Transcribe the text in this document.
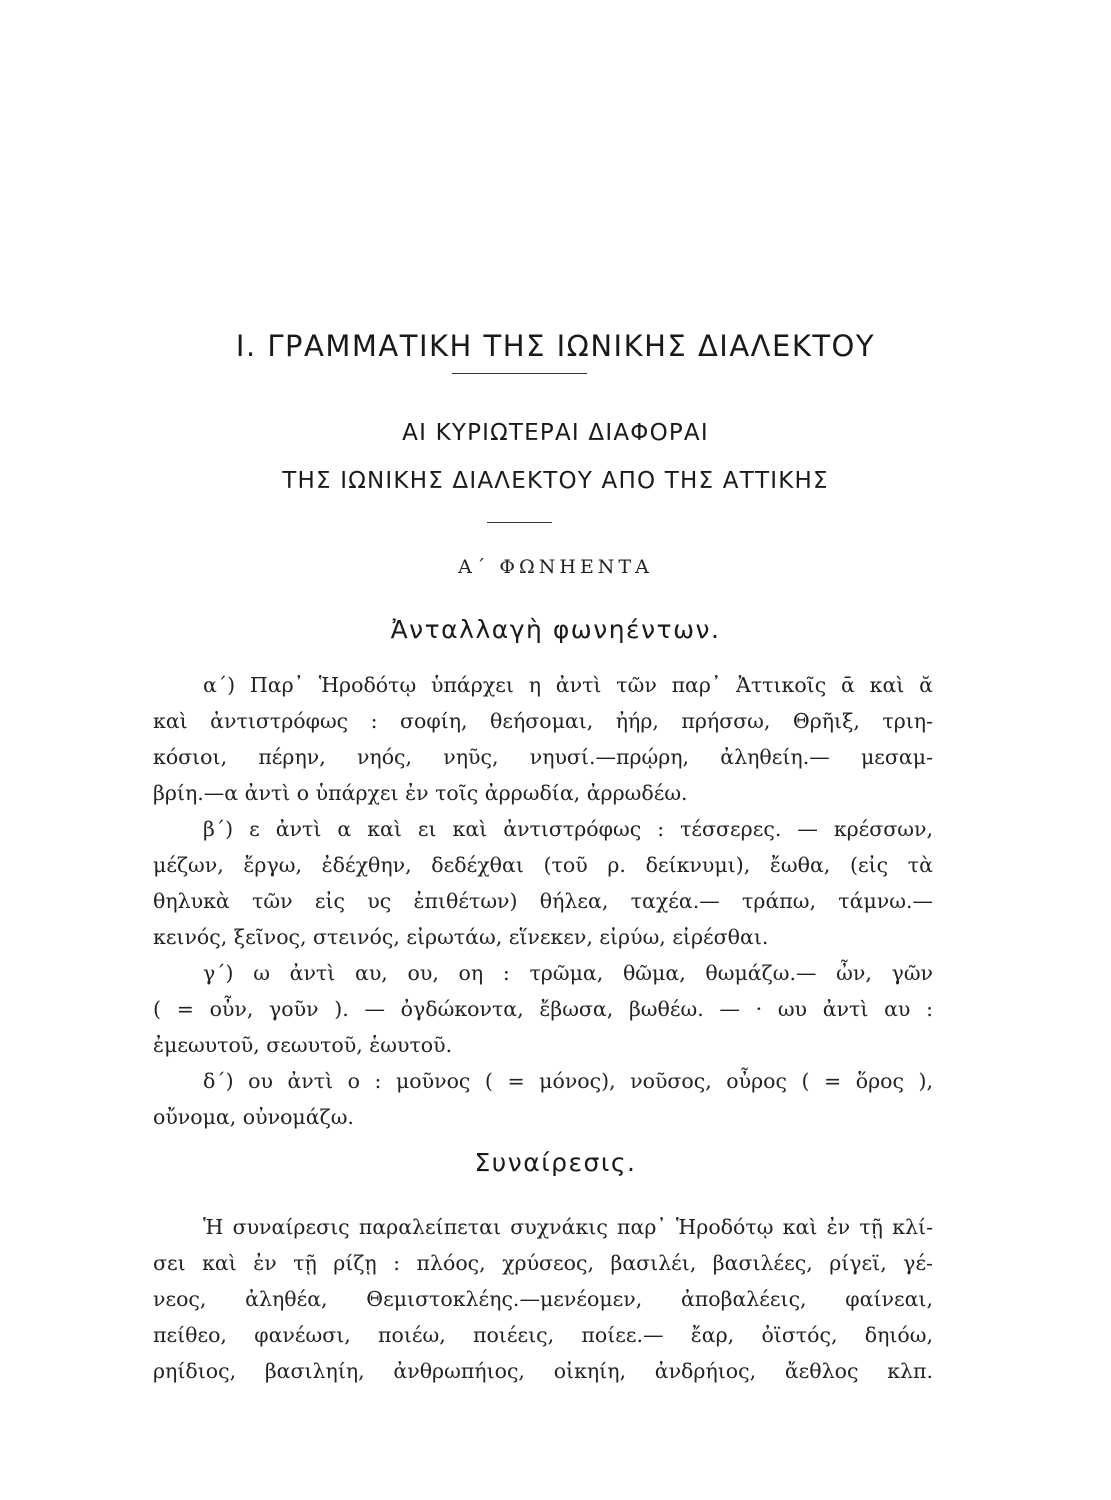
I. ΓΡΑΜΜΑΤΙΚΗ ΤΗΣ ΙΩΝΙΚΗΣ ΔΙΑΛΕΚΤΟΥ
ΑΙ ΚΥΡΙΩΤΕΡΑΙ ΔΙΑΦΟΡΑΙ
ΤΗΣ ΙΩΝΙΚΗΣ ΔΙΑΛΕΚΤΟΥ ΑΠΟ ΤΗΣ ΑΤΤΙΚΗΣ
Α΄ ΦΩΝΗΕΝΤΑ
Ἀνταλλαγὴ φωνηέντων.
α΄) Παρ᾽ Ἡροδότῳ ὑπάρχει η ἀντὶ τῶν παρ᾽ Ἀττικοῖς ᾱ καὶ ᾰ
καὶ ἀντιστρόφως : σοφίη, θεήσομαι, ἠήρ, πρήσσω, Θρῆιξ, τριη-
κόσιοι, πέρην, νηός, νηῦς, νηυσί.—πρῴρη, ἀληθείη.— μεσαμ-
βρίη.—α ἀντὶ ο ὑπάρχει ἐν τοῖς ἀρρωδία, ἀρρωδέω.
β΄) ε ἀντὶ α καὶ ει καὶ ἀντιστρόφως : τέσσερες. — κρέσσων,
μέζων, ἔργω, ἐδέχθην, δεδέχθαι (τοῦ ρ. δείκνυμι), ἔωθα, (εἰς τὰ
θηλυκὰ τῶν εἰς υς ἐπιθέτων) θήλεα, ταχέα.— τράπω, τάμνω.—
κεινός, ξεῖνος, στεινός, εἰρωτάω, εἵνεκεν, εἰρύω, εἰρέσθαι.
γ΄) ω ἀντὶ αυ, ου, οη : τρῶμα, θῶμα, θωμάζω.— ὦν, γῶν
( = οὖν, γοῦν ). — ὀγδώκοντα, ἔβωσα, βωθέω. — · ωυ ἀντὶ αυ :
ἐμεωυτοῦ, σεωυτοῦ, ἑωυτοῦ.
δ΄) ου ἀντὶ ο : μοῦνος ( = μόνος), νοῦσος, οὖρος ( = ὅρος ),
οὔνομα, οὐνομάζω.
Συναίρεσις.
Ἡ συναίρεσις παραλείπεται συχνάκις παρ᾽ Ἡροδότῳ καὶ ἐν τῇ κλί-
σει καὶ ἐν τῇ ρίζῃ : πλόος, χρύσεος, βασιλέι, βασιλέες, ρίγεϊ, γέ-
νεος, ἀληθέα, Θεμιστοκλέης.—μενέομεν, ἀποβαλέεις, φαίνεαι,
πείθεο, φανέωσι, ποιέω, ποιέεις, ποίεε.— ἔαρ, ὀϊστός, δηιόω,
ρηίδιος, βασιληίη, ἀνθρωπήιος, οἰκηίη, ἀνδρήιος, ἄεθλος κλπ.
